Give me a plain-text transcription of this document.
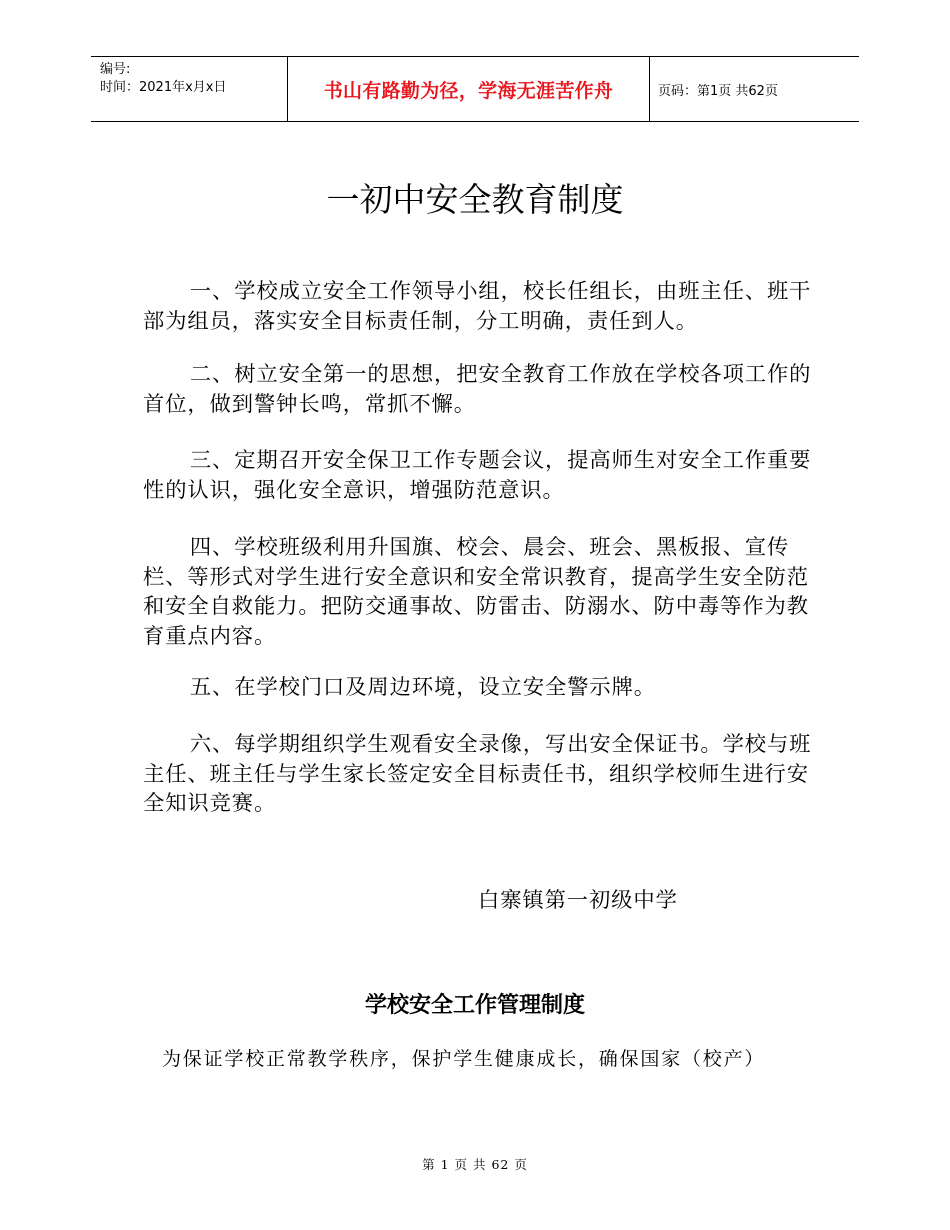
编号:
时间：2021年x月x日	书山有路勤为径，学海无涯苦作舟	页码：第1页 共62页
一初中安全教育制度

一、学校成立安全工作领导小组，校长任组长，由班主任、班干部为组员，落实安全目标责任制，分工明确，责任到人。

二、树立安全第一的思想，把安全教育工作放在学校各项工作的首位，做到警钟长鸣，常抓不懈。

三、定期召开安全保卫工作专题会议，提高师生对安全工作重要性的认识，强化安全意识，增强防范意识。

四、学校班级利用升国旗、校会、晨会、班会、黑板报、宣传栏、等形式对学生进行安全意识和安全常识教育，提高学生安全防范和安全自救能力。把防交通事故、防雷击、防溺水、防中毒等作为教育重点内容。

五、在学校门口及周边环境，设立安全警示牌。

六、每学期组织学生观看安全录像，写出安全保证书。学校与班主任、班主任与学生家长签定安全目标责任书，组织学校师生进行安全知识竞赛。

白寨镇第一初级中学
学校安全工作管理制度
为保证学校正常教学秩序，保护学生健康成长，确保国家（校产）
第 1 页 共 62 页
